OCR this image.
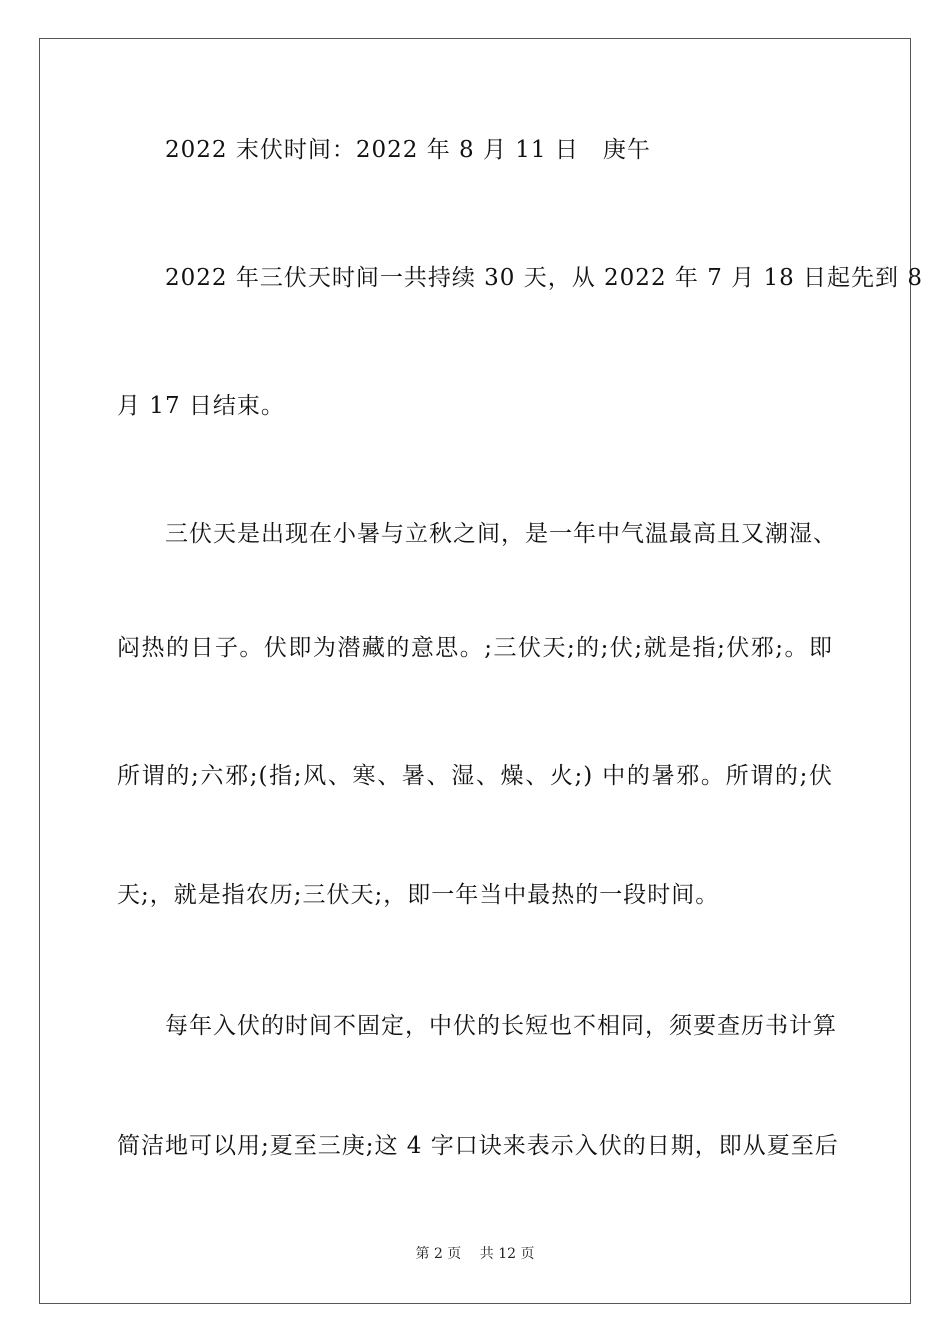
2022 末伏时间：2022 年 8 月 11 日　庚午
2022 年三伏天时间一共持续 30 天，从 2022 年 7 月 18 日起先到 8
月 17 日结束。
三伏天是出现在小暑与立秋之间，是一年中气温最高且又潮湿、
闷热的日子。伏即为潜藏的意思。;三伏天;的;伏;就是指;伏邪;。即
所谓的;六邪;(指;风、寒、暑、湿、燥、火;) 中的暑邪。所谓的;伏
天;，就是指农历;三伏天;，即一年当中最热的一段时间。
每年入伏的时间不固定，中伏的长短也不相同，须要查历书计算
简洁地可以用;夏至三庚;这 4 字口诀来表示入伏的日期，即从夏至后
第 2 页　 共 12 页
